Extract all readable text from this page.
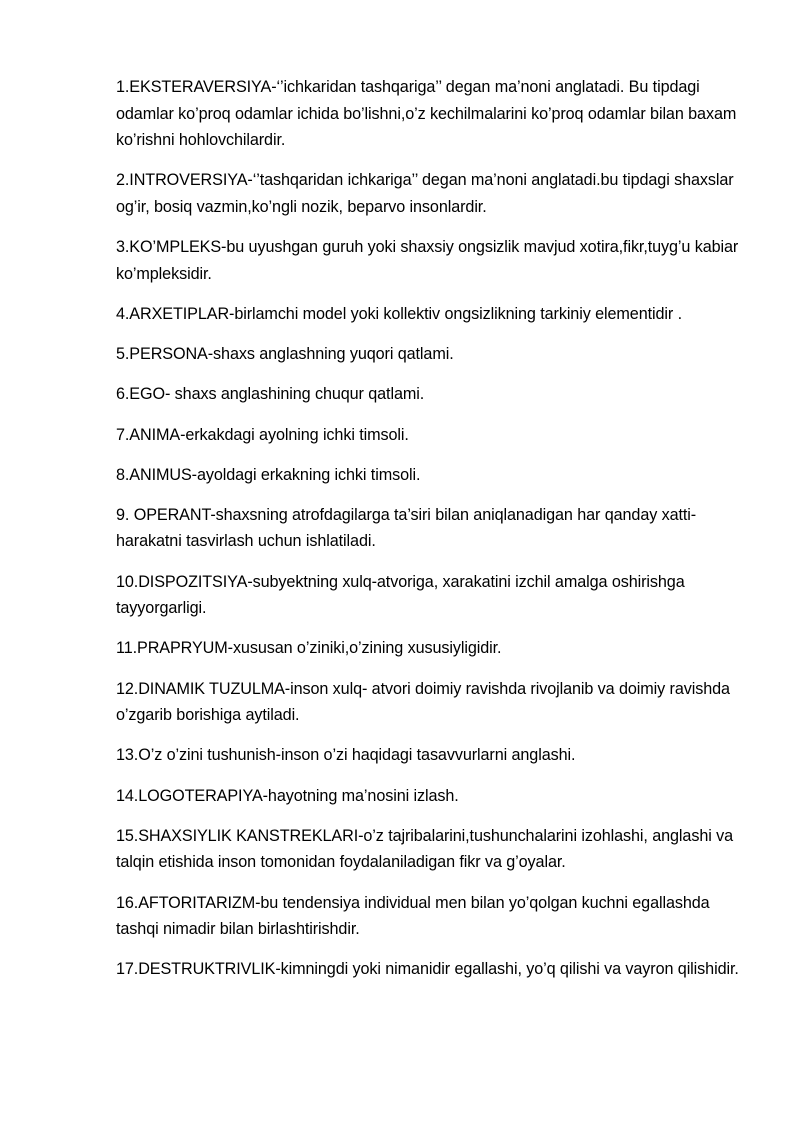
1.EKSTERAVERSIYA-‘’ichkaridan tashqariga’’ degan ma’noni anglatadi. Bu tipdagi odamlar ko’proq odamlar ichida bo’lishni,o’z kechilmalarini ko’proq odamlar bilan baxam ko’rishni hohlovchilardir.

2.INTROVERSIYA-‘’tashqaridan ichkariga’’ degan ma’noni anglatadi.bu tipdagi shaxslar og’ir, bosiq vazmin,ko’ngli nozik, beparvo insonlardir.

3.KO’MPLEKS-bu uyushgan guruh yoki shaxsiy ongsizlik mavjud xotira,fikr,tuyg’u kabiar ko’mpleksidir.

4.ARXETIPLAR-birlamchi model yoki kollektiv ongsizlikning tarkiniy elementidir .

5.PERSONA-shaxs anglashning yuqori qatlami.

6.EGO- shaxs anglashining chuqur qatlami.

7.ANIMA-erkakdagi ayolning ichki timsoli.

8.ANIMUS-ayoldagi erkakning ichki timsoli.

9. OPERANT-shaxsning atrofdagilarga ta’siri bilan aniqlanadigan har qanday xatti-harakatni tasvirlash uchun ishlatiladi.

10.DISPOZITSIYA-subyektning xulq-atvoriga, xarakatini izchil amalga oshirishga tayyorgarligi.

11.PRAPRYUM-xususan o’ziniki,o’zining xususiyligidir.

12.DINAMIK TUZULMA-inson xulq- atvori doimiy ravishda rivojlanib va doimiy ravishda o’zgarib borishiga aytiladi.

13.O’z o’zini tushunish-inson o’zi haqidagi tasavvurlarni anglashi.

14.LOGOTERAPIYA-hayotning ma’nosini izlash.

15.SHAXSIYLIK KANSTREKLARI-o’z tajribalarini,tushunchalarini izohlashi, anglashi va talqin etishida inson tomonidan foydalaniladigan fikr va g’oyalar.

16.AFTORITARIZM-bu tendensiya individual men bilan yo’qolgan kuchni egallashda tashqi nimadir bilan birlashtirishdir.

17.DESTRUKTRIVLIK-kimningdi yoki nimanidir egallashi, yo’q qilishi va vayron qilishidir.
